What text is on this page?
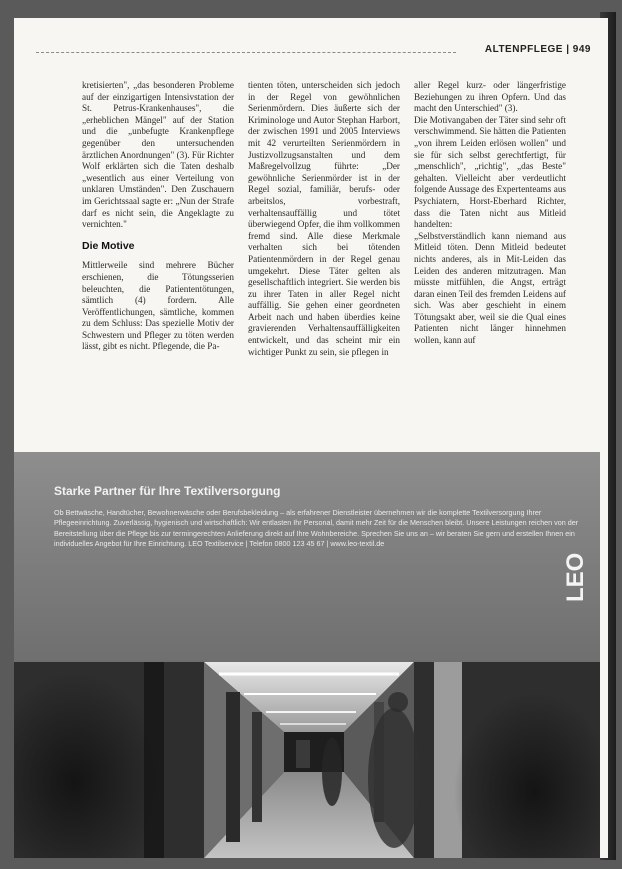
ALTENPFLEGE | 949

kretisierten", „das besonderen Probleme auf der einzigartigen Intensivstation der St. Petrus-Krankenhauses", die „erheblichen Mängel" auf der Station und die „unbefugte Krankenpflege gegenüber den untersuchenden ärztlichen Anordnungen" (3). Für Richter Wolf erklärten sich die Taten deshalb „wesentlich aus einer Verteilung von unklaren Umständen". Den Zuschauern im Gerichtssaal sagte er: „Nun der Strafe darf es nicht sein, die Angeklagte zu vernichten."

Die Motive

Mittlerweile sind mehrere Bücher erschienen, die Tötungsserien beleuchten, die Patiententötungen, sämtlich (4) fordern. Alle Veröffentlichungen, sämtliche, kommen zu dem Schluss: Das spezielle Motiv der Schwestern und Pfleger zu töten werden lässt, gibt es nicht. Pflegende, die Pa-

tienten töten, unterscheiden sich jedoch in der Regel von gewöhnlichen Serienmördern. Dies äußerte sich der Kriminologe und Autor Stephan Harbort, der zwischen 1991 und 2005 Interviews mit 42 verurteilten Serienmördern in Justizvollzugsanstalten und dem Maßregelvollzug führte: „Der gewöhnliche Serienmörder ist in der Regel sozial, familiär, berufs- oder arbeitslos, vorbestraft, verhaltensauffällig und tötet überwiegend Opfer, die ihm vollkommen fremd sind. Alle diese Merkmale verhalten sich bei tötenden Patientenmördern in der Regel genau umgekehrt. Diese Täter gelten als gesellschaftlich integriert. Sie werden bis zu ihrer Taten in aller Regel nicht auffällig. Sie gehen einer geordneten Arbeit nach und haben überdies keine gravierenden Verhaltensauffälligkeiten entwickelt, und das scheint mir ein wichtiger Punkt zu sein, sie pflegen in

aller Regel kurz- oder längerfristige Beziehungen zu ihren Opfern. Und das macht den Unterschied" (3).

Die Motivangaben der Täter sind sehr oft verschwimmend. Sie hätten die Patienten „von ihrem Leiden erlösen wollen" und sie für sich selbst gerechtfertigt, für „menschlich", „richtig", „das Beste" gehalten. Vielleicht aber verdeutlicht folgende Aussage des Expertenteams aus Psychiatern, Horst-Eberhard Richter, dass die Taten nicht aus Mitleid handelten:

„Selbstverständlich kann niemand aus Mitleid töten. Denn Mitleid bedeutet nichts anderes, als in Mit-Leiden das Leiden des anderen mitzutragen. Man müsste mitfühlen, die Angst, erträgt daran einen Teil des fremden Leidens auf sich. Was aber geschieht in einem Tötungsakt aber, weil sie die Qual eines Patienten nicht länger hinnehmen wollen, kann auf

Starke Partner für Ihre Textilversorgung
Ob Bettwäsche, Handtücher, Bewohnerwäsche oder Berufsbekleidung – als erfahrener Dienstleister übernehmen wir die komplette Textilversorgung Ihrer Pflegeeinrichtung. Zuverlässig, hygienisch und wirtschaftlich: Wir entlasten Ihr Personal, damit mehr Zeit für die Menschen bleibt. Unsere Leistungen reichen von der Bereitstellung über die Pflege bis zur termingerechten Anlieferung direkt auf Ihre Wohnbereiche. Sprechen Sie uns an – wir beraten Sie gern und erstellen Ihnen ein individuelles Angebot für Ihre Einrichtung. LEO Textilservice | Telefon 0800 123 45 67 | www.leo-textil.de
LEO
